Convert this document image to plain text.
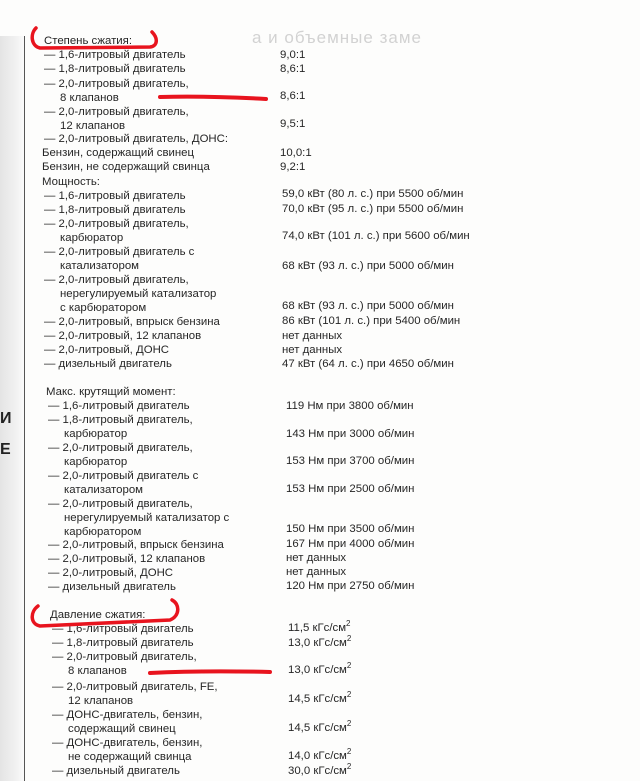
И
Е
а и объемные заме
Степень сжатия:
— 1,6-литровый двигатель	9,0:1
— 1,8-литровый двигатель	8,6:1
— 2,0-литровый двигатель,
8 клапанов	8,6:1
— 2,0-литровый двигатель,
12 клапанов	9,5:1
— 2,0-литровый двигатель, ДОНС:
Бензин, содержащий свинец	10,0:1
Бензин, не содержащий свинца	9,2:1
Мощность:
— 1,6-литровый двигатель	59,0 кВт (80 л. с.) при 5500 об/мин
— 1,8-литровый двигатель	70,0 кВт (95 л. с.) при 5500 об/мин
— 2,0-литровый двигатель,
карбюратор	74,0 кВт (101 л. с.) при 5600 об/мин
— 2,0-литровый двигатель с
катализатором	68 кВт (93 л. с.) при 5000 об/мин
— 2,0-литровый двигатель,
нерегулируемый катализатор
с карбюратором	68 кВт (93 л. с.) при 5000 об/мин
— 2,0-литровый, впрыск бензина	86 кВт (101 л. с.) при 5400 об/мин
— 2,0-литровый, 12 клапанов	нет данных
— 2,0-литровый, ДОНС	нет данных
— дизельный двигатель	47 кВт (64 л. с.) при 4650 об/мин
Макс. крутящий момент:
— 1,6-литровый двигатель	119 Нм при 3800 об/мин
— 1,8-литровый двигатель,
карбюратор	143 Нм при 3000 об/мин
— 2,0-литровый двигатель,
карбюратор	153 Нм при 3700 об/мин
— 2,0-литровый двигатель с
катализатором	153 Нм при 2500 об/мин
— 2,0-литровый двигатель,
нерегулируемый катализатор с
карбюратором	150 Нм при 3500 об/мин
— 2,0-литровый, впрыск бензина	167 Нм при 4000 об/мин
— 2,0-литровый, 12 клапанов	нет данных
— 2,0-литровый, ДОНС	нет данных
— дизельный двигатель	120 Нм при 2750 об/мин
Давление сжатия:
— 1,6-литровый двигатель	11,5 кГс/$см^2$
— 1,8-литровый двигатель	13,0 кГс/$см^2$
— 2,0-литровый двигатель,
8 клапанов	13,0 кГс/$см^2$
— 2,0-литровый двигатель, FE,
12 клапанов	14,5 кГс/$см^2$
— ДОНС-двигатель, бензин,
содержащий свинец	14,5 кГс/$см^2$
— ДОНС-двигатель, бензин,
не содержащий свинца	14,0 кГс/$см^2$
— дизельный двигатель	30,0 кГс/$см^2$
